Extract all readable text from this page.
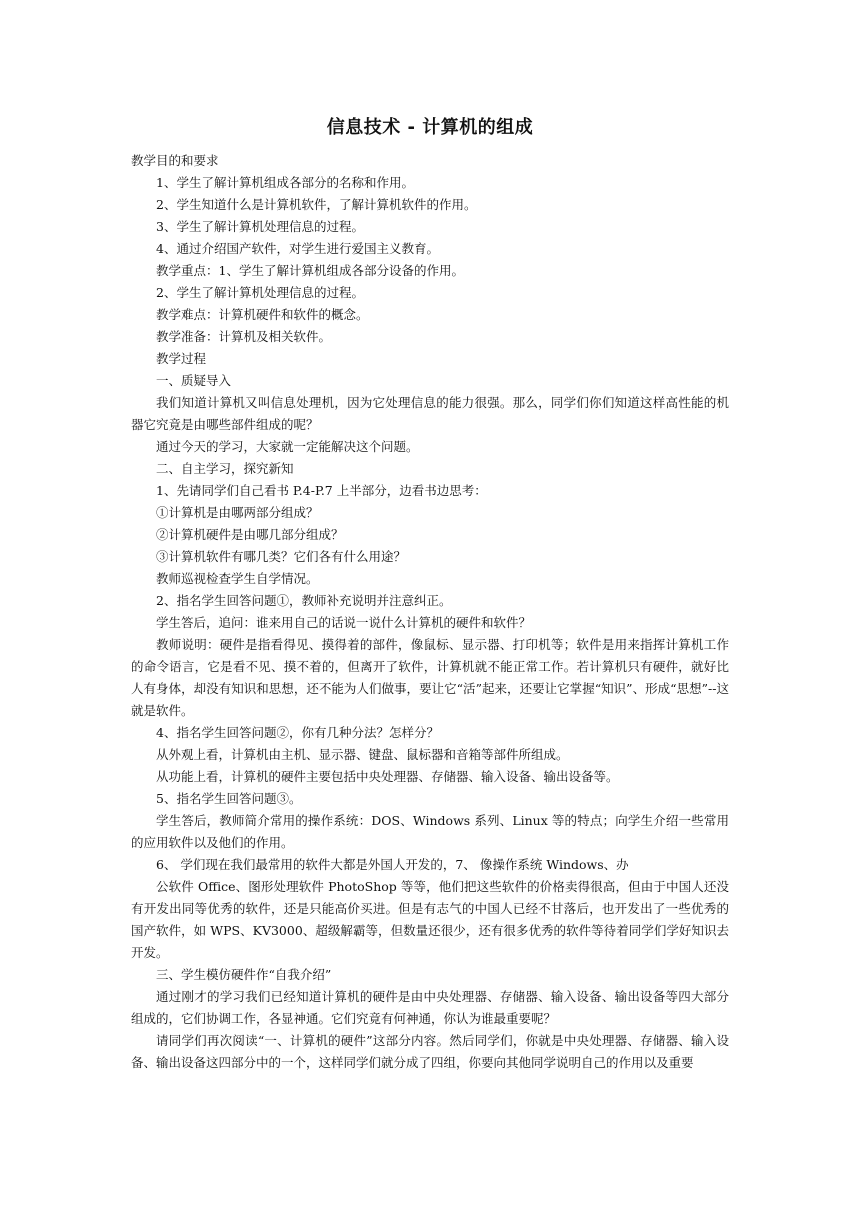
信息技术 - 计算机的组成

教学目的和要求

1、学生了解计算机组成各部分的名称和作用。

2、学生知道什么是计算机软件，了解计算机软件的作用。

3、学生了解计算机处理信息的过程。

4、通过介绍国产软件，对学生进行爱国主义教育。

教学重点：1、学生了解计算机组成各部分设备的作用。

2、学生了解计算机处理信息的过程。

教学难点：计算机硬件和软件的概念。

教学准备：计算机及相关软件。

教学过程

一、质疑导入

我们知道计算机又叫信息处理机，因为它处理信息的能力很强。那么，同学们你们知道这样高性能的机器它究竟是由哪些部件组成的呢？

通过今天的学习，大家就一定能解决这个问题。

二、自主学习，探究新知

1、先请同学们自己看书 P.4-P.7 上半部分，边看书边思考：

①计算机是由哪两部分组成？

②计算机硬件是由哪几部分组成？

③计算机软件有哪几类？它们各有什么用途？

教师巡视检查学生自学情况。

2、指名学生回答问题①，教师补充说明并注意纠正。

学生答后，追问：谁来用自己的话说一说什么计算机的硬件和软件？

教师说明：硬件是指看得见、摸得着的部件，像鼠标、显示器、打印机等；软件是用来指挥计算机工作的命令语言，它是看不见、摸不着的，但离开了软件，计算机就不能正常工作。若计算机只有硬件，就好比人有身体，却没有知识和思想，还不能为人们做事，要让它“活”起来，还要让它掌握“知识”、形成“思想”--这就是软件。

4、指名学生回答问题②，你有几种分法？怎样分？

从外观上看，计算机由主机、显示器、键盘、鼠标器和音箱等部件所组成。

从功能上看，计算机的硬件主要包括中央处理器、存储器、输入设备、输出设备等。

5、指名学生回答问题③。

学生答后，教师简介常用的操作系统：DOS、Windows 系列、Linux 等的特点；向学生介绍一些常用的应用软件以及他们的作用。

6、 学们现在我们最常用的软件大都是外国人开发的，7、 像操作系统 Windows、办

公软件 Office、图形处理软件 PhotoShop 等等，他们把这些软件的价格卖得很高，但由于中国人还没有开发出同等优秀的软件，还是只能高价买进。但是有志气的中国人已经不甘落后，也开发出了一些优秀的国产软件，如 WPS、KV3000、超级解霸等，但数量还很少，还有很多优秀的软件等待着同学们学好知识去开发。

三、学生模仿硬件作“自我介绍”

通过刚才的学习我们已经知道计算机的硬件是由中央处理器、存储器、输入设备、输出设备等四大部分组成的，它们协调工作，各显神通。它们究竟有何神通，你认为谁最重要呢？

请同学们再次阅读“一、计算机的硬件”这部分内容。然后同学们，你就是中央处理器、存储器、输入设备、输出设备这四部分中的一个，这样同学们就分成了四组，你要向其他同学说明自己的作用以及重要
